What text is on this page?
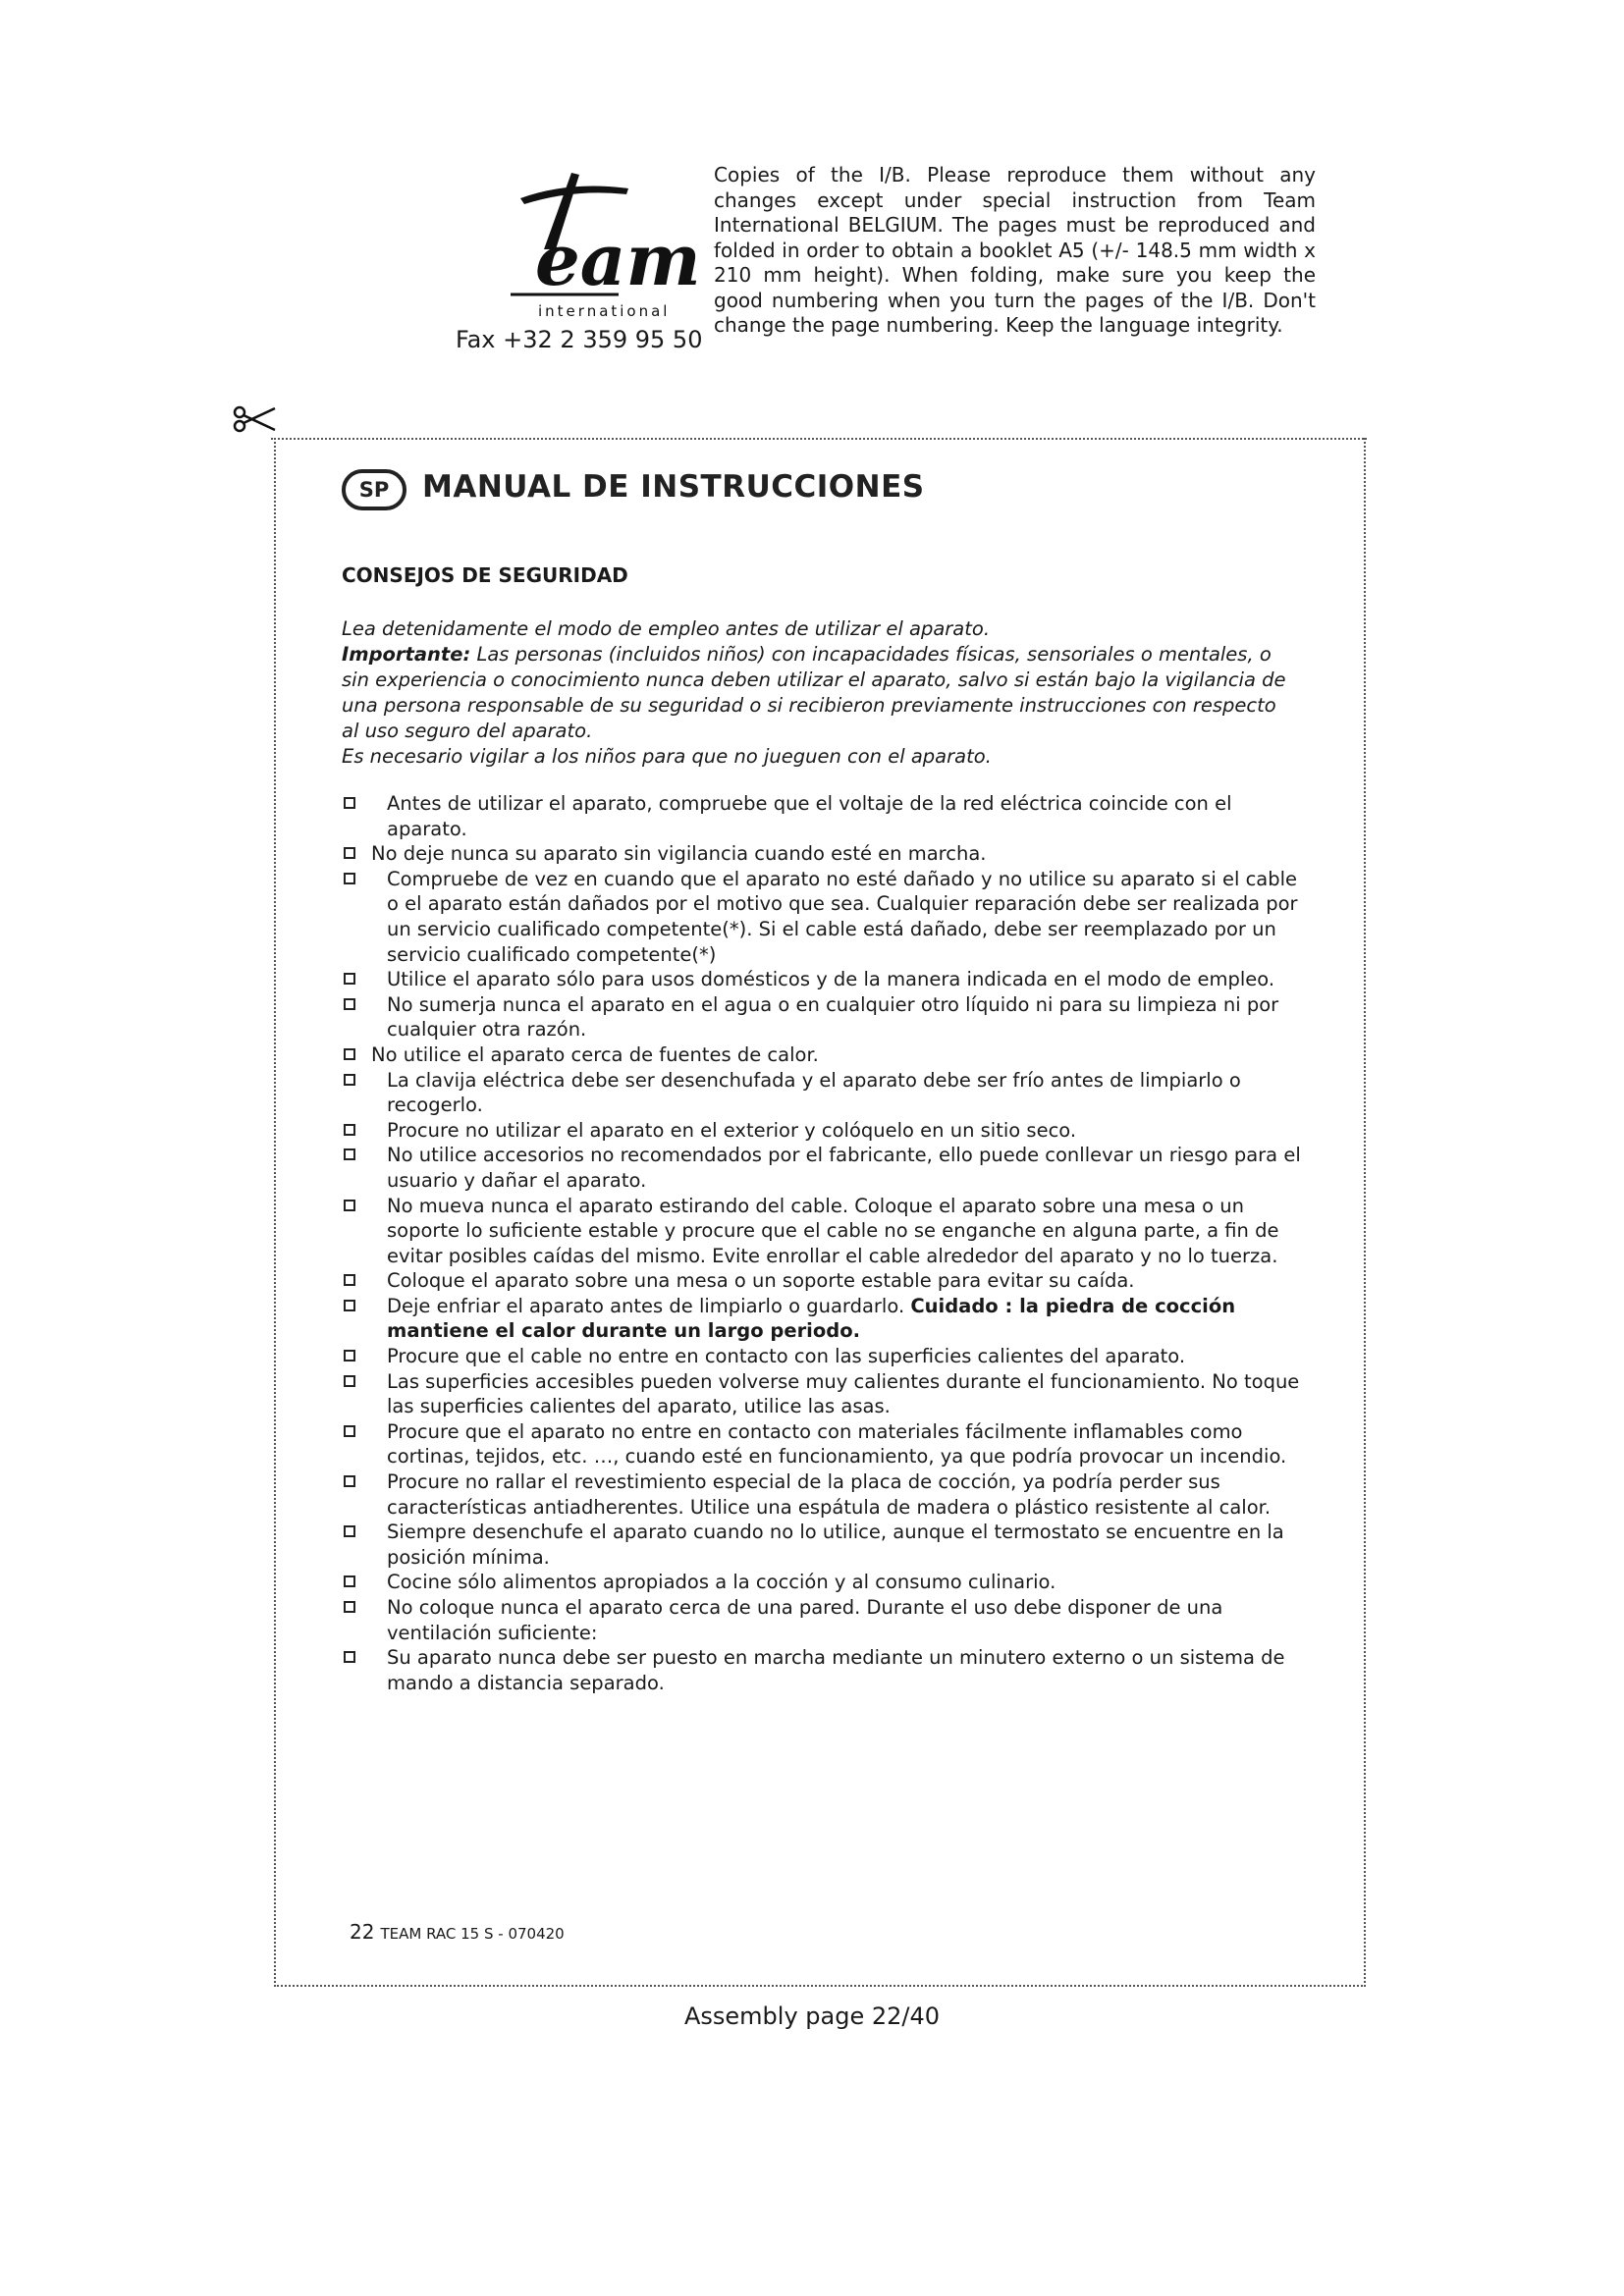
eam
international
Fax +32 2 359 95 50

Copies of the I/B. Please reproduce them without any changes except under special instruction from Team International BELGIUM. The pages must be reproduced and folded in order to obtain a booklet A5 (+/- 148.5 mm width x 210 mm height). When folding, make sure you keep the good numbering when you turn the pages of the I/B. Don't change the page numbering. Keep the language integrity.

SP	MANUAL DE INSTRUCCIONES
CONSEJOS DE SEGURIDAD

Lea detenidamente el modo de empleo antes de utilizar el aparato.

Importante: Las personas (incluidos niños) con incapacidades físicas, sensoriales o mentales, o sin experiencia o conocimiento nunca deben utilizar el aparato, salvo si están bajo la vigilancia de una persona responsable de su seguridad o si recibieron previamente instrucciones con respecto al uso seguro del aparato.

Es necesario vigilar a los niños para que no jueguen con el aparato.

Antes de utilizar el aparato, compruebe que el voltaje de la red eléctrica coincide con el aparato.
No deje nunca su aparato sin vigilancia cuando esté en marcha.
Compruebe de vez en cuando que el aparato no esté dañado y no utilice su aparato si el cable o el aparato están dañados por el motivo que sea. Cualquier reparación debe ser realizada por un servicio cualificado competente(*). Si el cable está dañado, debe ser reemplazado por un servicio cualificado competente(*)
Utilice el aparato sólo para usos domésticos y de la manera indicada en el modo de empleo.
No sumerja nunca el aparato en el agua o en cualquier otro líquido ni para su limpieza ni por cualquier otra razón.
No utilice el aparato cerca de fuentes de calor.
La clavija eléctrica debe ser desenchufada y el aparato debe ser frío antes de limpiarlo o recogerlo.
Procure no utilizar el aparato en el exterior y colóquelo en un sitio seco.
No utilice accesorios no recomendados por el fabricante, ello puede conllevar un riesgo para el usuario y dañar el aparato.
No mueva nunca el aparato estirando del cable. Coloque el aparato sobre una mesa o un soporte lo suficiente estable y procure que el cable no se enganche en alguna parte, a fin de evitar posibles caídas del mismo. Evite enrollar el cable alrededor del aparato y no lo tuerza.
Coloque el aparato sobre una mesa o un soporte estable para evitar su caída.
Deje enfriar el aparato antes de limpiarlo o guardarlo. Cuidado : la piedra de cocción mantiene el calor durante un largo periodo.
Procure que el cable no entre en contacto con las superficies calientes del aparato.
Las superficies accesibles pueden volverse muy calientes durante el funcionamiento. No toque las superficies calientes del aparato, utilice las asas.
Procure que el aparato no entre en contacto con materiales fácilmente inflamables como cortinas, tejidos, etc. …, cuando esté en funcionamiento, ya que podría provocar un incendio.
Procure no rallar el revestimiento especial de la placa de cocción, ya podría perder sus características antiadherentes. Utilice una espátula de madera o plástico resistente al calor.
Siempre desenchufe el aparato cuando no lo utilice, aunque el termostato se encuentre en la posición mínima.
Cocine sólo alimentos apropiados a la cocción y al consumo culinario.
No coloque nunca el aparato cerca de una pared. Durante el uso debe disponer de una ventilación suficiente:
Su aparato nunca debe ser puesto en marcha mediante un minutero externo o un sistema de mando a distancia separado.
22 TEAM RAC 15 S - 070420
Assembly page 22/40
